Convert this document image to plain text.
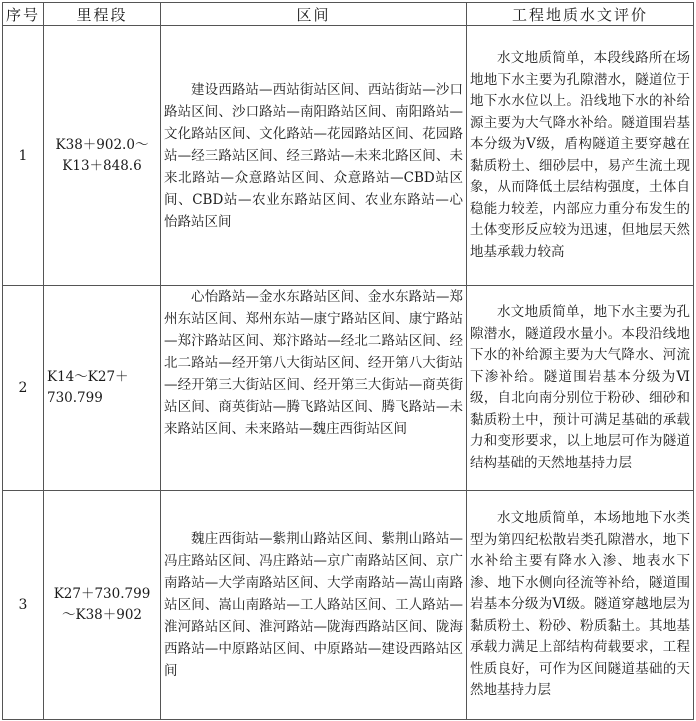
序号	里程段	区间	工程地质水文评价
1	K38＋902.0～K13＋848.6	建设西路站—西站街站区间、西站街站—沙口路站区间、沙口路站—南阳路站区间、南阳路站—文化路站区间、文化路站—花园路站区间、花园路站—经三路站区间、经三路站—未来北路区间、未来北路站—众意路站区间、众意路站—CBD站区间、CBD站—农业东路站区间、农业东路站—心怡路站区间	水文地质简单，本段线路所在场地地下水主要为孔隙潜水，隧道位于地下水水位以上。沿线地下水的补给源主要为大气降水补给。隧道围岩基本分级为Ⅴ级，盾构隧道主要穿越在黏质粉土、细砂层中，易产生流土现象，从而降低土层结构强度，土体自稳能力较差，内部应力重分布发生的土体变形反应较为迅速，但地层天然地基承载力较高
2	K14～K27＋730.799	心怡路站—金水东路站区间、金水东路站—郑州东站区间、郑州东站—康宁路站区间、康宁路站—郑汴路站区间、郑汴路站—经北二路站区间、经北二路站—经开第八大街站区间、经开第八大街站—经开第三大街站区间、经开第三大街站—商英街站区间、商英街站—腾飞路站区间、腾飞路站—未来路站区间、未来路站—魏庄西街站区间	水文地质简单，地下水主要为孔隙潜水，隧道段水量小。本段沿线地下水的补给源主要为大气降水、河流下渗补给。隧道围岩基本分级为Ⅵ级，自北向南分别位于粉砂、细砂和黏质粉土中，预计可满足基础的承载力和变形要求，以上地层可作为隧道结构基础的天然地基持力层
3	K27＋730.799～K38＋902	魏庄西街站—紫荆山路站区间、紫荆山路站—冯庄路站区间、冯庄路站—京广南路站区间、京广南路站—大学南路站区间、大学南路站—嵩山南路站区间、嵩山南路站—工人路站区间、工人路站—淮河路站区间、淮河路站—陇海西路站区间、陇海西路站—中原路站区间、中原路站—建设西路站区间	水文地质简单，本场地地下水类型为第四纪松散岩类孔隙潜水，地下水补给主要有降水入渗、地表水下渗、地下水侧向径流等补给，隧道围岩基本分级为Ⅵ级。隧道穿越地层为黏质粉土、粉砂、粉质黏土。其地基承载力满足上部结构荷载要求，工程性质良好，可作为区间隧道基础的天然地基持力层
